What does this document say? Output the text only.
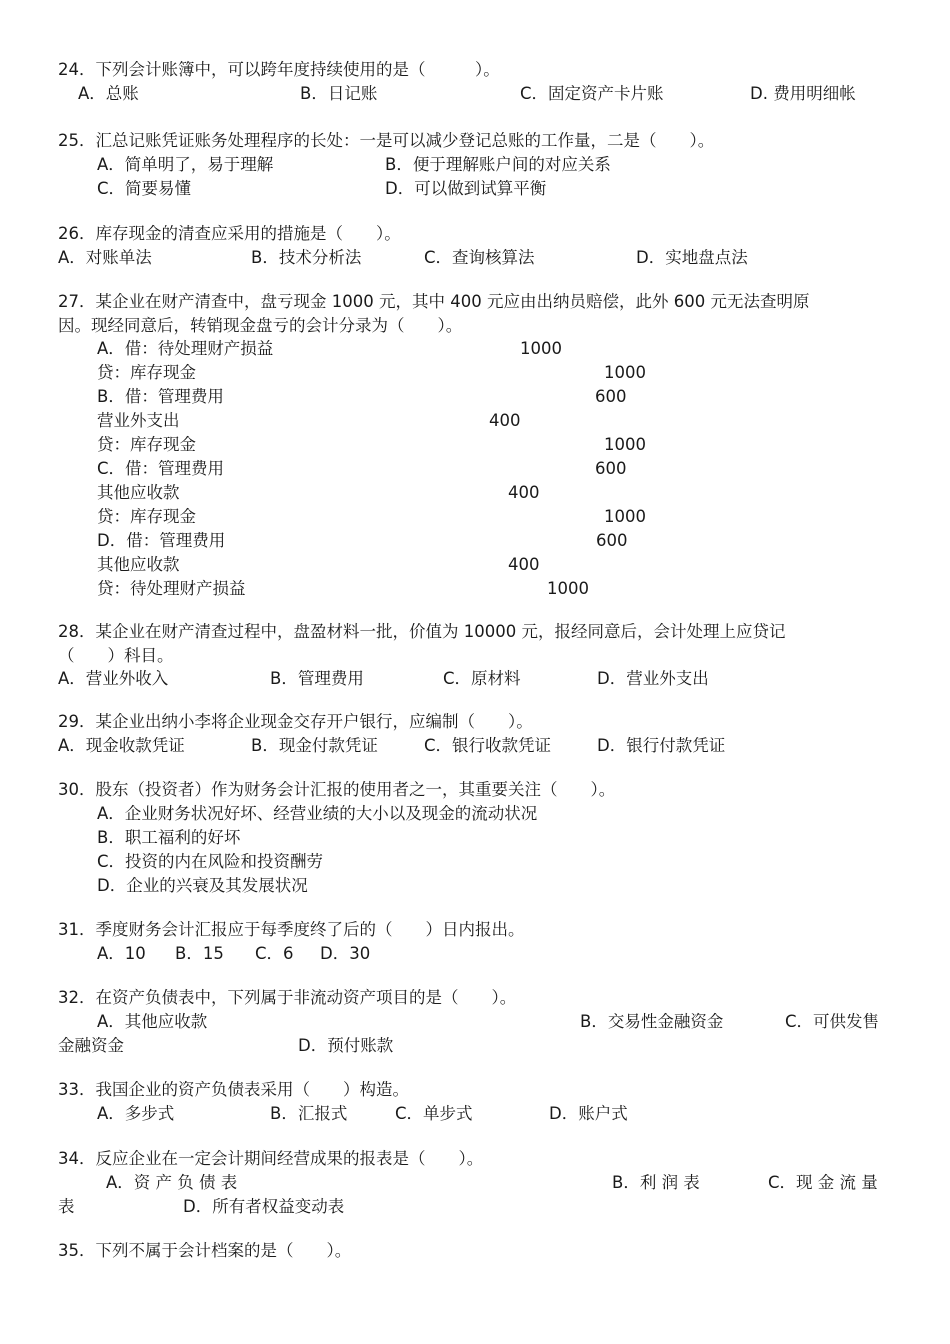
24．下列会计账簿中，可以跨年度持续使用的是（　　　）。
A．总账	B．日记账	C．固定资产卡片账	D. 费用明细帐
25．汇总记账凭证账务处理程序的长处：一是可以减少登记总账的工作量，二是（　　）。
A．简单明了，易于理解	B．便于理解账户间的对应关系
C．简要易懂	D．可以做到试算平衡
26．库存现金的清查应采用的措施是（　　）。
A．对账单法	B．技术分析法	C．查询核算法	D．实地盘点法
27．某企业在财产清查中，盘亏现金 1000 元，其中 400 元应由出纳员赔偿，此外 600 元无法查明原
因。现经同意后，转销现金盘亏的会计分录为（　　）。
A．借：待处理财产损益	1000
贷：库存现金	1000
B．借：管理费用	600
营业外支出	400
贷：库存现金	1000
C．借：管理费用	600
其他应收款	400
贷：库存现金	1000
D．借：管理费用	600
其他应收款	400
贷：待处理财产损益	1000
28．某企业在财产清查过程中，盘盈材料一批，价值为 10000 元，报经同意后，会计处理上应贷记
（　　）科目。
A．营业外收入	B．管理费用	C．原材料	D．营业外支出
29．某企业出纳小李将企业现金交存开户银行，应编制（　　）。
A．现金收款凭证	B．现金付款凭证	C．银行收款凭证	D．银行付款凭证
30．股东（投资者）作为财务会计汇报的使用者之一，其重要关注（　　）。
A．企业财务状况好坏、经营业绩的大小以及现金的流动状况
B．职工福利的好坏
C．投资的内在风险和投资酬劳
D．企业的兴衰及其发展状况
31．季度财务会计汇报应于每季度终了后的（　　）日内报出。
A．10 B．15 C．6 D．30
32．在资产负债表中，下列属于非流动资产项目的是（　　）。
A．其他应收款	B．交易性金融资金	C．可供发售
金融资金	D．预付账款
33．我国企业的资产负债表采用（　　）构造。
A．多步式	B．汇报式	C．单步式	D．账户式
34．反应企业在一定会计期间经营成果的报表是（　　）。
A．资 产 负 债 表	B．利 润 表	C．现 金 流 量
表	D．所有者权益变动表
35．下列不属于会计档案的是（　　）。
